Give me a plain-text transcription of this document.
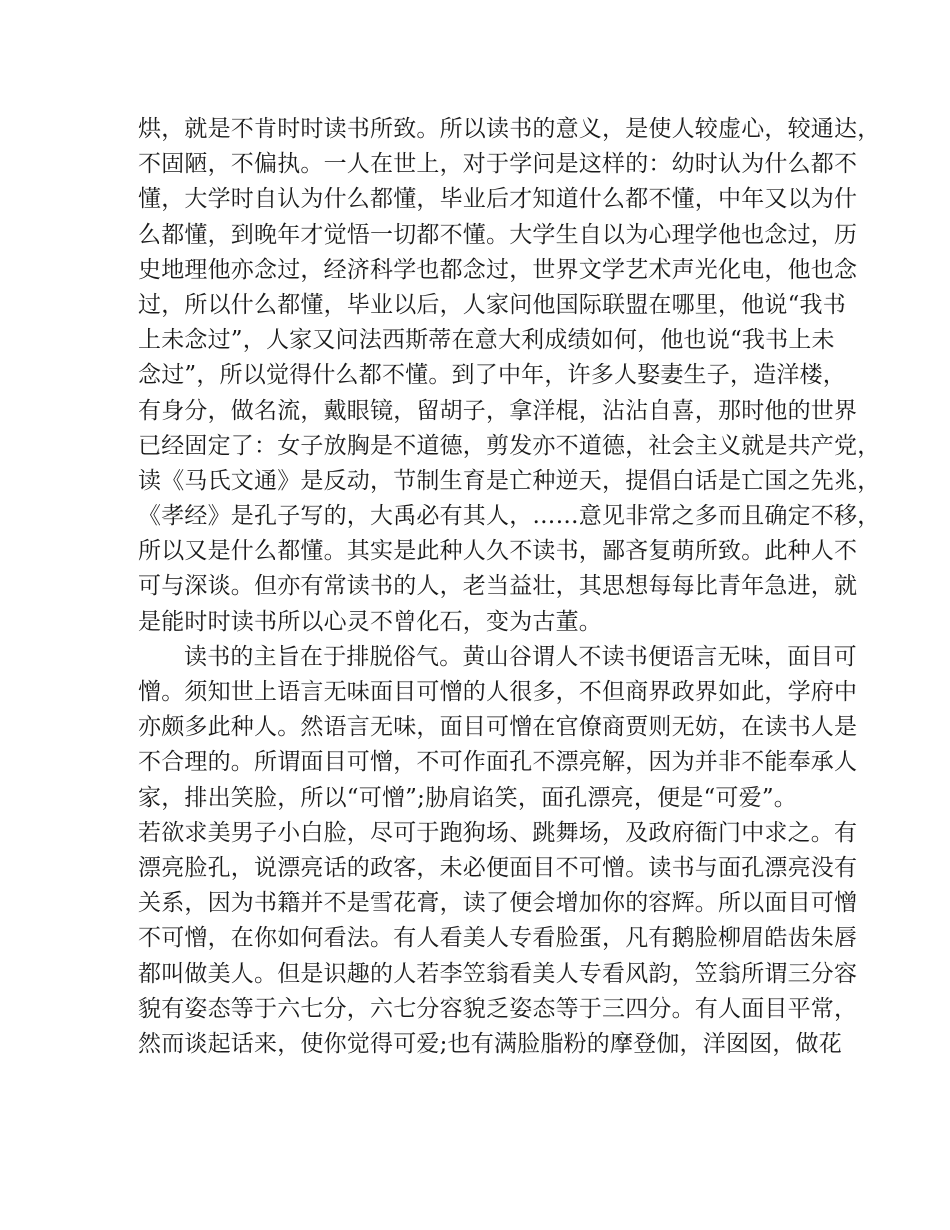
烘，就是不肯时时读书所致。所以读书的意义，是使人较虚心，较通达，
不固陋，不偏执。一人在世上，对于学问是这样的：幼时认为什么都不
懂，大学时自认为什么都懂，毕业后才知道什么都不懂，中年又以为什
么都懂，到晚年才觉悟一切都不懂。大学生自以为心理学他也念过，历
史地理他亦念过，经济科学也都念过，世界文学艺术声光化电，他也念
过，所以什么都懂，毕业以后，人家问他国际联盟在哪里，他说“我书
上未念过”，人家又问法西斯蒂在意大利成绩如何，他也说“我书上未
念过”，所以觉得什么都不懂。到了中年，许多人娶妻生子，造洋楼，
有身分，做名流，戴眼镜，留胡子，拿洋棍，沾沾自喜，那时他的世界
已经固定了：女子放胸是不道德，剪发亦不道德，社会主义就是共产党，
读《马氏文通》是反动，节制生育是亡种逆天，提倡白话是亡国之先兆，
《孝经》是孔子写的，大禹必有其人，……意见非常之多而且确定不移，
所以又是什么都懂。其实是此种人久不读书，鄙吝复萌所致。此种人不
可与深谈。但亦有常读书的人，老当益壮，其思想每每比青年急进，就
是能时时读书所以心灵不曾化石，变为古董。
读书的主旨在于排脱俗气。黄山谷谓人不读书便语言无味，面目可
憎。须知世上语言无味面目可憎的人很多，不但商界政界如此，学府中
亦颇多此种人。然语言无味，面目可憎在官僚商贾则无妨，在读书人是
不合理的。所谓面目可憎，不可作面孔不漂亮解，因为并非不能奉承人
家，排出笑脸，所以“可憎”;胁肩谄笑，面孔漂亮，便是“可爱”。
若欲求美男子小白脸，尽可于跑狗场、跳舞场，及政府衙门中求之。有
漂亮脸孔，说漂亮话的政客，未必便面目不可憎。读书与面孔漂亮没有
关系，因为书籍并不是雪花膏，读了便会增加你的容辉。所以面目可憎
不可憎，在你如何看法。有人看美人专看脸蛋，凡有鹅脸柳眉皓齿朱唇
都叫做美人。但是识趣的人若李笠翁看美人专看风韵，笠翁所谓三分容
貌有姿态等于六七分，六七分容貌乏姿态等于三四分。有人面目平常，
然而谈起话来，使你觉得可爱;也有满脸脂粉的摩登伽，洋囡囡，做花
